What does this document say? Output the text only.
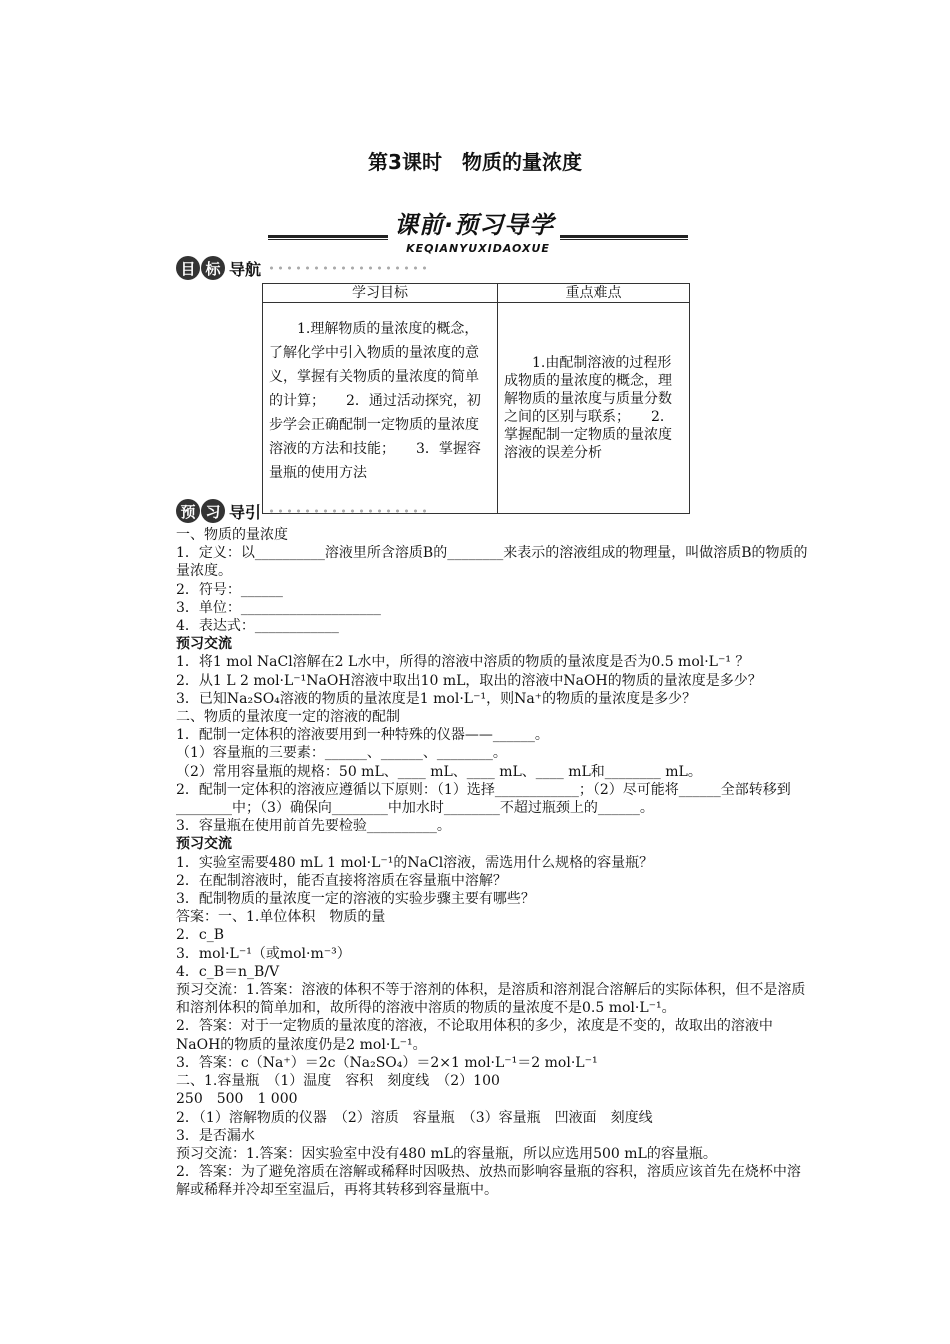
第3课时　物质的量浓度
课前·预习导学
KEQIANYUXIDAOXUE
目 标 导航
学习目标	重点难点
　　1.理解物质的量浓度的概念，了解化学中引入物质的量浓度的意义，掌握有关物质的量浓度的简单的计算；　　2．通过活动探究，初步学会正确配制一定物质的量浓度溶液的方法和技能；　　3．掌握容量瓶的使用方法	　　1.由配制溶液的过程形成物质的量浓度的概念，理解物质的量浓度与质量分数之间的区别与联系；　　2．掌握配制一定物质的量浓度溶液的误差分析
预 习 导引

一、物质的量浓度

1．定义：以__________溶液里所含溶质B的________来表示的溶液组成的物理量，叫做溶质B的物质的量浓度。

2．符号：______

3．单位：____________________

4．表达式：____________

预习交流

1．将1 mol NaCl溶解在2 L水中，所得的溶液中溶质的物质的量浓度是否为0.5 mol·L⁻¹ ？

2．从1 L 2 mol·L⁻¹NaOH溶液中取出10 mL，取出的溶液中NaOH的物质的量浓度是多少？

3．已知Na₂SO₄溶液的物质的量浓度是1 mol·L⁻¹，则Na⁺的物质的量浓度是多少？

二、物质的量浓度一定的溶液的配制

1．配制一定体积的溶液要用到一种特殊的仪器——______。

（1）容量瓶的三要素：______、______、________。

（2）常用容量瓶的规格：50 mL、____ mL、____ mL、____ mL和________ mL。

2．配制一定体积的溶液应遵循以下原则：（1）选择____________；（2）尽可能将______全部转移到________中；（3）确保向________中加水时________不超过瓶颈上的______。

3．容量瓶在使用前首先要检验__________。

预习交流

1．实验室需要480 mL 1 mol·L⁻¹的NaCl溶液，需选用什么规格的容量瓶？

2．在配制溶液时，能否直接将溶质在容量瓶中溶解？

3．配制物质的量浓度一定的溶液的实验步骤主要有哪些？

答案：一、1.单位体积　物质的量

2．c_B

3．mol·L⁻¹（或mol·m⁻³）

4．c_B＝n_B/V

预习交流：1.答案：溶液的体积不等于溶剂的体积，是溶质和溶剂混合溶解后的实际体积，但不是溶质和溶剂体积的简单加和，故所得的溶液中溶质的物质的量浓度不是0.5 mol·L⁻¹。

2．答案：对于一定物质的量浓度的溶液，不论取用体积的多少，浓度是不变的，故取出的溶液中NaOH的物质的量浓度仍是2 mol·L⁻¹。

3．答案：c（Na⁺）＝2c（Na₂SO₄）＝2×1 mol·L⁻¹＝2 mol·L⁻¹

二、1.容量瓶　（1）温度　容积　刻度线　（2）100

250　500　1 000

2．（1）溶解物质的仪器　（2）溶质　容量瓶　（3）容量瓶　凹液面　刻度线

3．是否漏水

预习交流：1.答案：因实验室中没有480 mL的容量瓶，所以应选用500 mL的容量瓶。

2．答案：为了避免溶质在溶解或稀释时因吸热、放热而影响容量瓶的容积，溶质应该首先在烧杯中溶解或稀释并冷却至室温后，再将其转移到容量瓶中。
